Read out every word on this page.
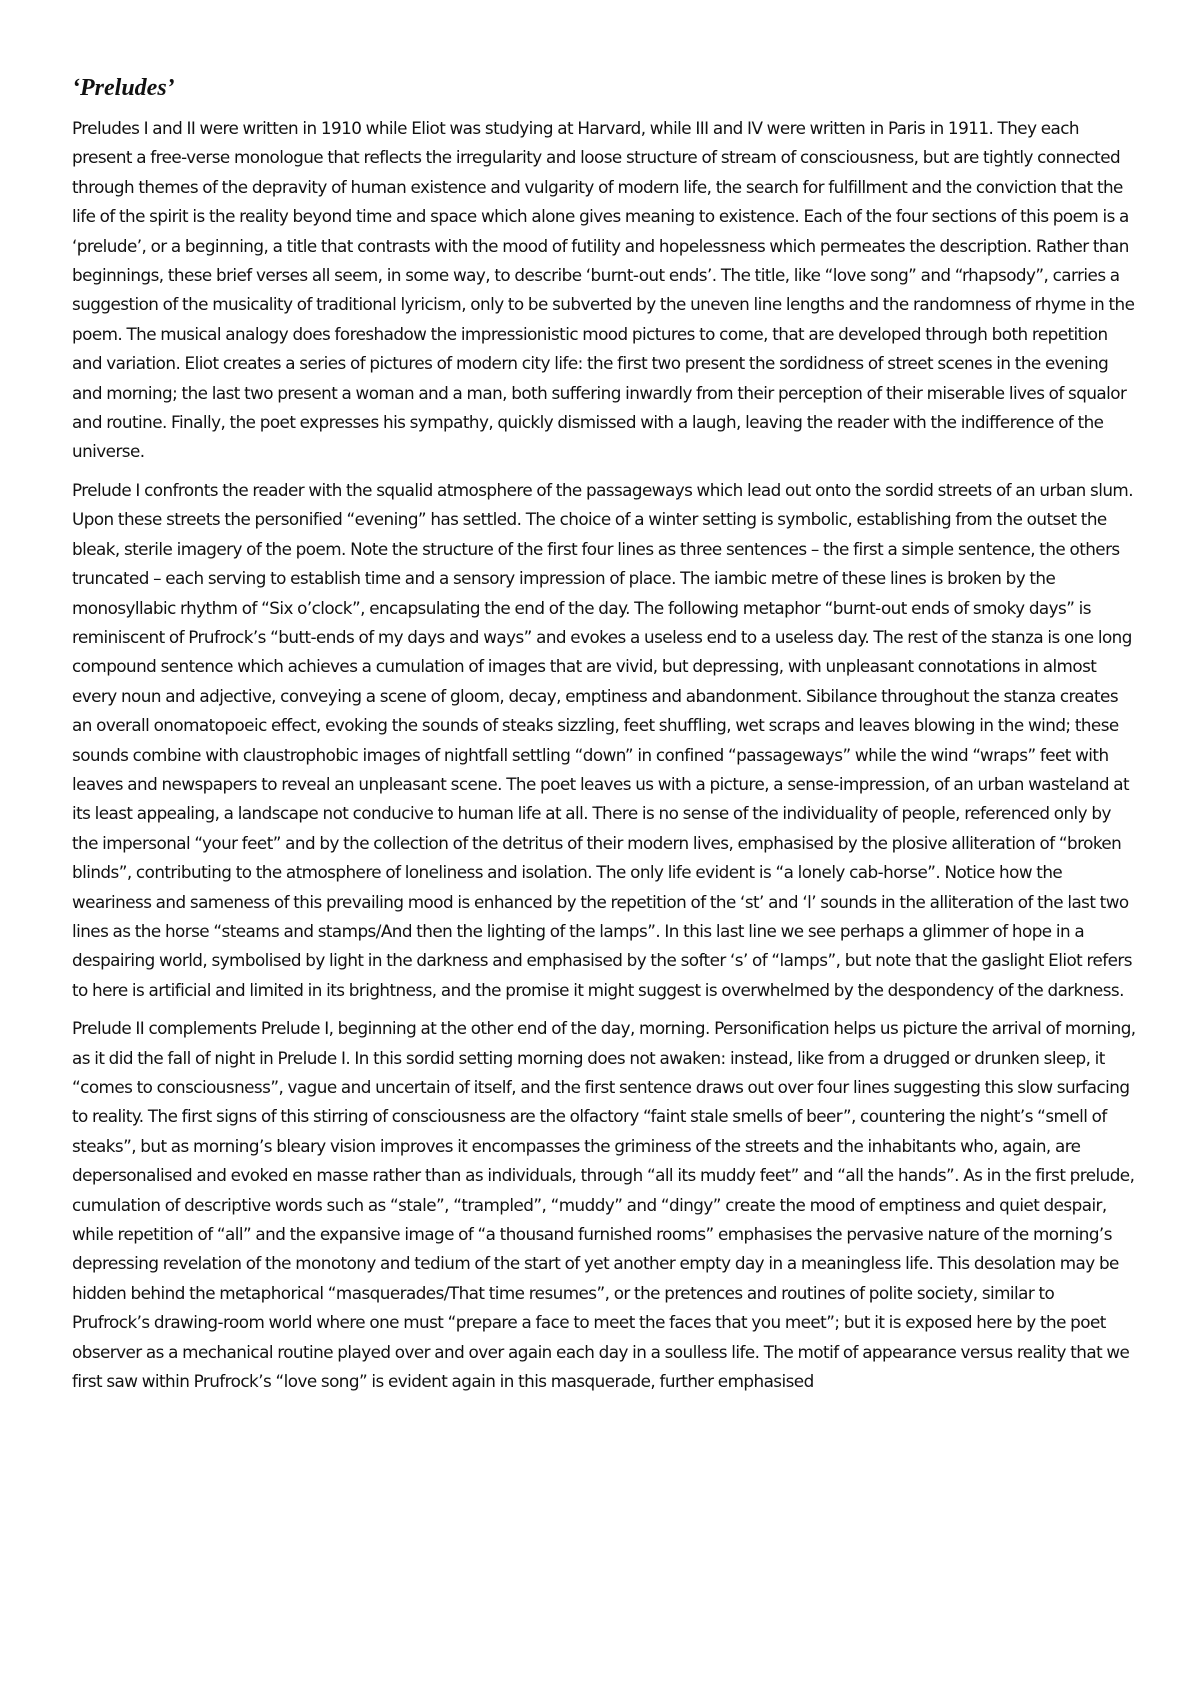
‘Preludes’

Preludes I and II were written in 1910 while Eliot was studying at Harvard, while III and IV were written in Paris in 1911. They each present a free-verse monologue that reflects the irregularity and loose structure of stream of consciousness, but are tightly connected through themes of the depravity of human existence and vulgarity of modern life, the search for fulfillment and the conviction that the life of the spirit is the reality beyond time and space which alone gives meaning to existence. Each of the four sections of this poem is a ‘prelude’, or a beginning, a title that contrasts with the mood of futility and hopelessness which permeates the description. Rather than beginnings, these brief verses all seem, in some way, to describe ‘burnt-out ends’. The title, like “love song” and “rhapsody”, carries a suggestion of the musicality of traditional lyricism, only to be subverted by the uneven line lengths and the randomness of rhyme in the poem. The musical analogy does foreshadow the impressionistic mood pictures to come, that are developed through both repetition and variation. Eliot creates a series of pictures of modern city life: the first two present the sordidness of street scenes in the evening and morning; the last two present a woman and a man, both suffering inwardly from their perception of their miserable lives of squalor and routine. Finally, the poet expresses his sympathy, quickly dismissed with a laugh, leaving the reader with the indifference of the universe.

Prelude I confronts the reader with the squalid atmosphere of the passageways which lead out onto the sordid streets of an urban slum. Upon these streets the personified “evening” has settled. The choice of a winter setting is symbolic, establishing from the outset the bleak, sterile imagery of the poem. Note the structure of the first four lines as three sentences – the first a simple sentence, the others truncated – each serving to establish time and a sensory impression of place. The iambic metre of these lines is broken by the monosyllabic rhythm of “Six o’clock”, encapsulating the end of the day. The following metaphor “burnt-out ends of smoky days” is reminiscent of Prufrock’s “butt-ends of my days and ways” and evokes a useless end to a useless day. The rest of the stanza is one long compound sentence which achieves a cumulation of images that are vivid, but depressing, with unpleasant connotations in almost every noun and adjective, conveying a scene of gloom, decay, emptiness and abandonment. Sibilance throughout the stanza creates an overall onomatopoeic effect, evoking the sounds of steaks sizzling, feet shuffling, wet scraps and leaves blowing in the wind; these sounds combine with claustrophobic images of nightfall settling “down” in confined “passageways” while the wind “wraps” feet with leaves and newspapers to reveal an unpleasant scene. The poet leaves us with a picture, a sense-impression, of an urban wasteland at its least appealing, a landscape not conducive to human life at all. There is no sense of the individuality of people, referenced only by the impersonal “your feet” and by the collection of the detritus of their modern lives, emphasised by the plosive alliteration of “broken blinds”, contributing to the atmosphere of loneliness and isolation. The only life evident is “a lonely cab-horse”. Notice how the weariness and sameness of this prevailing mood is enhanced by the repetition of the ‘st’ and ‘l’ sounds in the alliteration of the last two lines as the horse “steams and stamps/And then the lighting of the lamps”. In this last line we see perhaps a glimmer of hope in a despairing world, symbolised by light in the darkness and emphasised by the softer ‘s’ of “lamps”, but note that the gaslight Eliot refers to here is artificial and limited in its brightness, and the promise it might suggest is overwhelmed by the despondency of the darkness.

Prelude II complements Prelude I, beginning at the other end of the day, morning. Personification helps us picture the arrival of morning, as it did the fall of night in Prelude I. In this sordid setting morning does not awaken: instead, like from a drugged or drunken sleep, it “comes to consciousness”, vague and uncertain of itself, and the first sentence draws out over four lines suggesting this slow surfacing to reality. The first signs of this stirring of consciousness are the olfactory “faint stale smells of beer”, countering the night’s “smell of steaks”, but as morning’s bleary vision improves it encompasses the griminess of the streets and the inhabitants who, again, are depersonalised and evoked en masse rather than as individuals, through “all its muddy feet” and “all the hands”. As in the first prelude, cumulation of descriptive words such as “stale”, “trampled”, “muddy” and “dingy” create the mood of emptiness and quiet despair, while repetition of “all” and the expansive image of “a thousand furnished rooms” emphasises the pervasive nature of the morning’s depressing revelation of the monotony and tedium of the start of yet another empty day in a meaningless life. This desolation may be hidden behind the metaphorical “masquerades/That time resumes”, or the pretences and routines of polite society, similar to Prufrock’s drawing-room world where one must “prepare a face to meet the faces that you meet”; but it is exposed here by the poet observer as a mechanical routine played over and over again each day in a soulless life. The motif of appearance versus reality that we first saw within Prufrock’s “love song” is evident again in this masquerade, further emphasised
